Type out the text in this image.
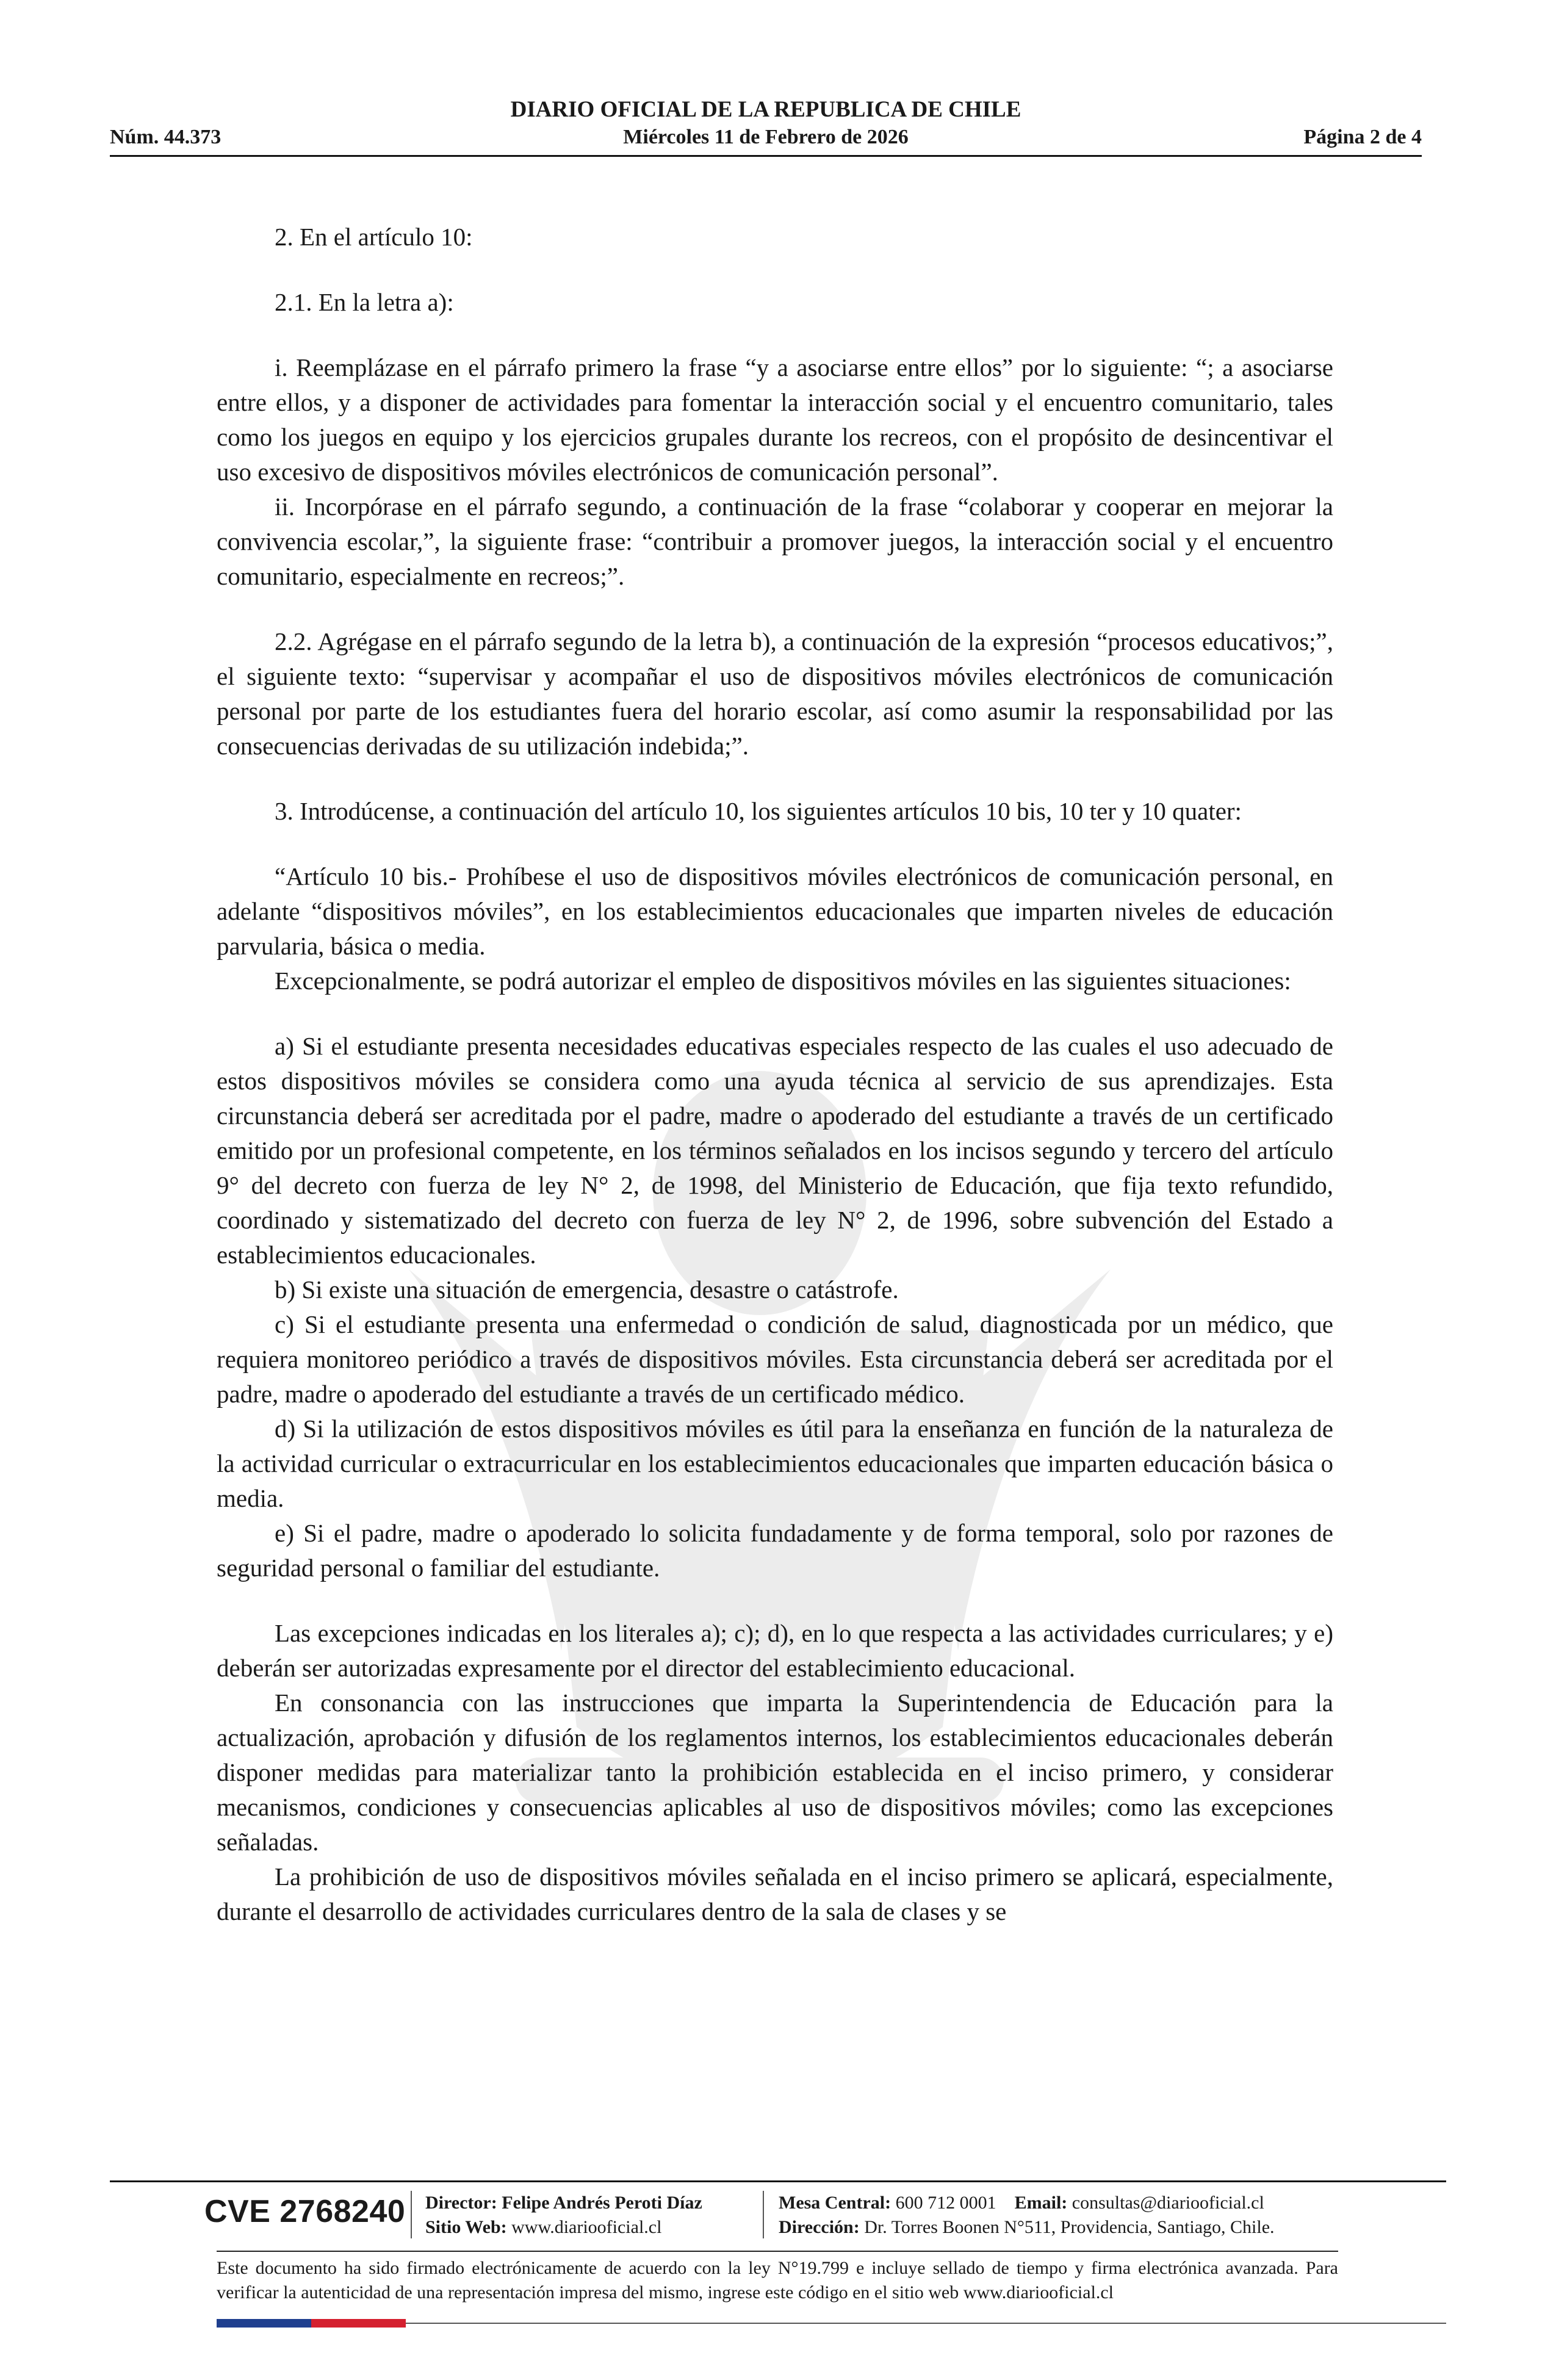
DIARIO OFICIAL DE LA REPUBLICA DE CHILE
Núm. 44.373	Miércoles 11 de Febrero de 2026	Página 2 de 4

2. En el artículo 10:

2.1. En la letra a):

i. Reemplázase en el párrafo primero la frase “y a asociarse entre ellos” por lo siguiente: “; a asociarse entre ellos, y a disponer de actividades para fomentar la interacción social y el encuentro comunitario, tales como los juegos en equipo y los ejercicios grupales durante los recreos, con el propósito de desincentivar el uso excesivo de dispositivos móviles electrónicos de comunicación personal”.

ii. Incorpórase en el párrafo segundo, a continuación de la frase “colaborar y cooperar en mejorar la convivencia escolar,”, la siguiente frase: “contribuir a promover juegos, la interacción social y el encuentro comunitario, especialmente en recreos;”.

2.2. Agrégase en el párrafo segundo de la letra b), a continuación de la expresión “procesos educativos;”, el siguiente texto: “supervisar y acompañar el uso de dispositivos móviles electrónicos de comunicación personal por parte de los estudiantes fuera del horario escolar, así como asumir la responsabilidad por las consecuencias derivadas de su utilización indebida;”.

3. Introdúcense, a continuación del artículo 10, los siguientes artículos 10 bis, 10 ter y 10 quater:

“Artículo 10 bis.- Prohíbese el uso de dispositivos móviles electrónicos de comunicación personal, en adelante “dispositivos móviles”, en los establecimientos educacionales que imparten niveles de educación parvularia, básica o media.

Excepcionalmente, se podrá autorizar el empleo de dispositivos móviles en las siguientes situaciones:

a) Si el estudiante presenta necesidades educativas especiales respecto de las cuales el uso adecuado de estos dispositivos móviles se considera como una ayuda técnica al servicio de sus aprendizajes. Esta circunstancia deberá ser acreditada por el padre, madre o apoderado del estudiante a través de un certificado emitido por un profesional competente, en los términos señalados en los incisos segundo y tercero del artículo 9° del decreto con fuerza de ley N° 2, de 1998, del Ministerio de Educación, que fija texto refundido, coordinado y sistematizado del decreto con fuerza de ley N° 2, de 1996, sobre subvención del Estado a establecimientos educacionales.

b) Si existe una situación de emergencia, desastre o catástrofe.

c) Si el estudiante presenta una enfermedad o condición de salud, diagnosticada por un médico, que requiera monitoreo periódico a través de dispositivos móviles. Esta circunstancia deberá ser acreditada por el padre, madre o apoderado del estudiante a través de un certificado médico.

d) Si la utilización de estos dispositivos móviles es útil para la enseñanza en función de la naturaleza de la actividad curricular o extracurricular en los establecimientos educacionales que imparten educación básica o media.

e) Si el padre, madre o apoderado lo solicita fundadamente y de forma temporal, solo por razones de seguridad personal o familiar del estudiante.

Las excepciones indicadas en los literales a); c); d), en lo que respecta a las actividades curriculares; y e) deberán ser autorizadas expresamente por el director del establecimiento educacional.

En consonancia con las instrucciones que imparta la Superintendencia de Educación para la actualización, aprobación y difusión de los reglamentos internos, los establecimientos educacionales deberán disponer medidas para materializar tanto la prohibición establecida en el inciso primero, y considerar mecanismos, condiciones y consecuencias aplicables al uso de dispositivos móviles; como las excepciones señaladas.

La prohibición de uso de dispositivos móviles señalada en el inciso primero se aplicará, especialmente, durante el desarrollo de actividades curriculares dentro de la sala de clases y se

CVE 2768240 Director: Felipe Andrés Peroti Díaz
Sitio Web: www.diariooficial.cl
Mesa Central: 600 712 0001 Email: consultas@diariooficial.cl
Dirección: Dr. Torres Boonen N°511, Providencia, Santiago, Chile.
Este documento ha sido firmado electrónicamente de acuerdo con la ley N°19.799 e incluye sellado de tiempo y firma electrónica avanzada. Para verificar la autenticidad de una representación impresa del mismo, ingrese este código en el sitio web www.diariooficial.cl
